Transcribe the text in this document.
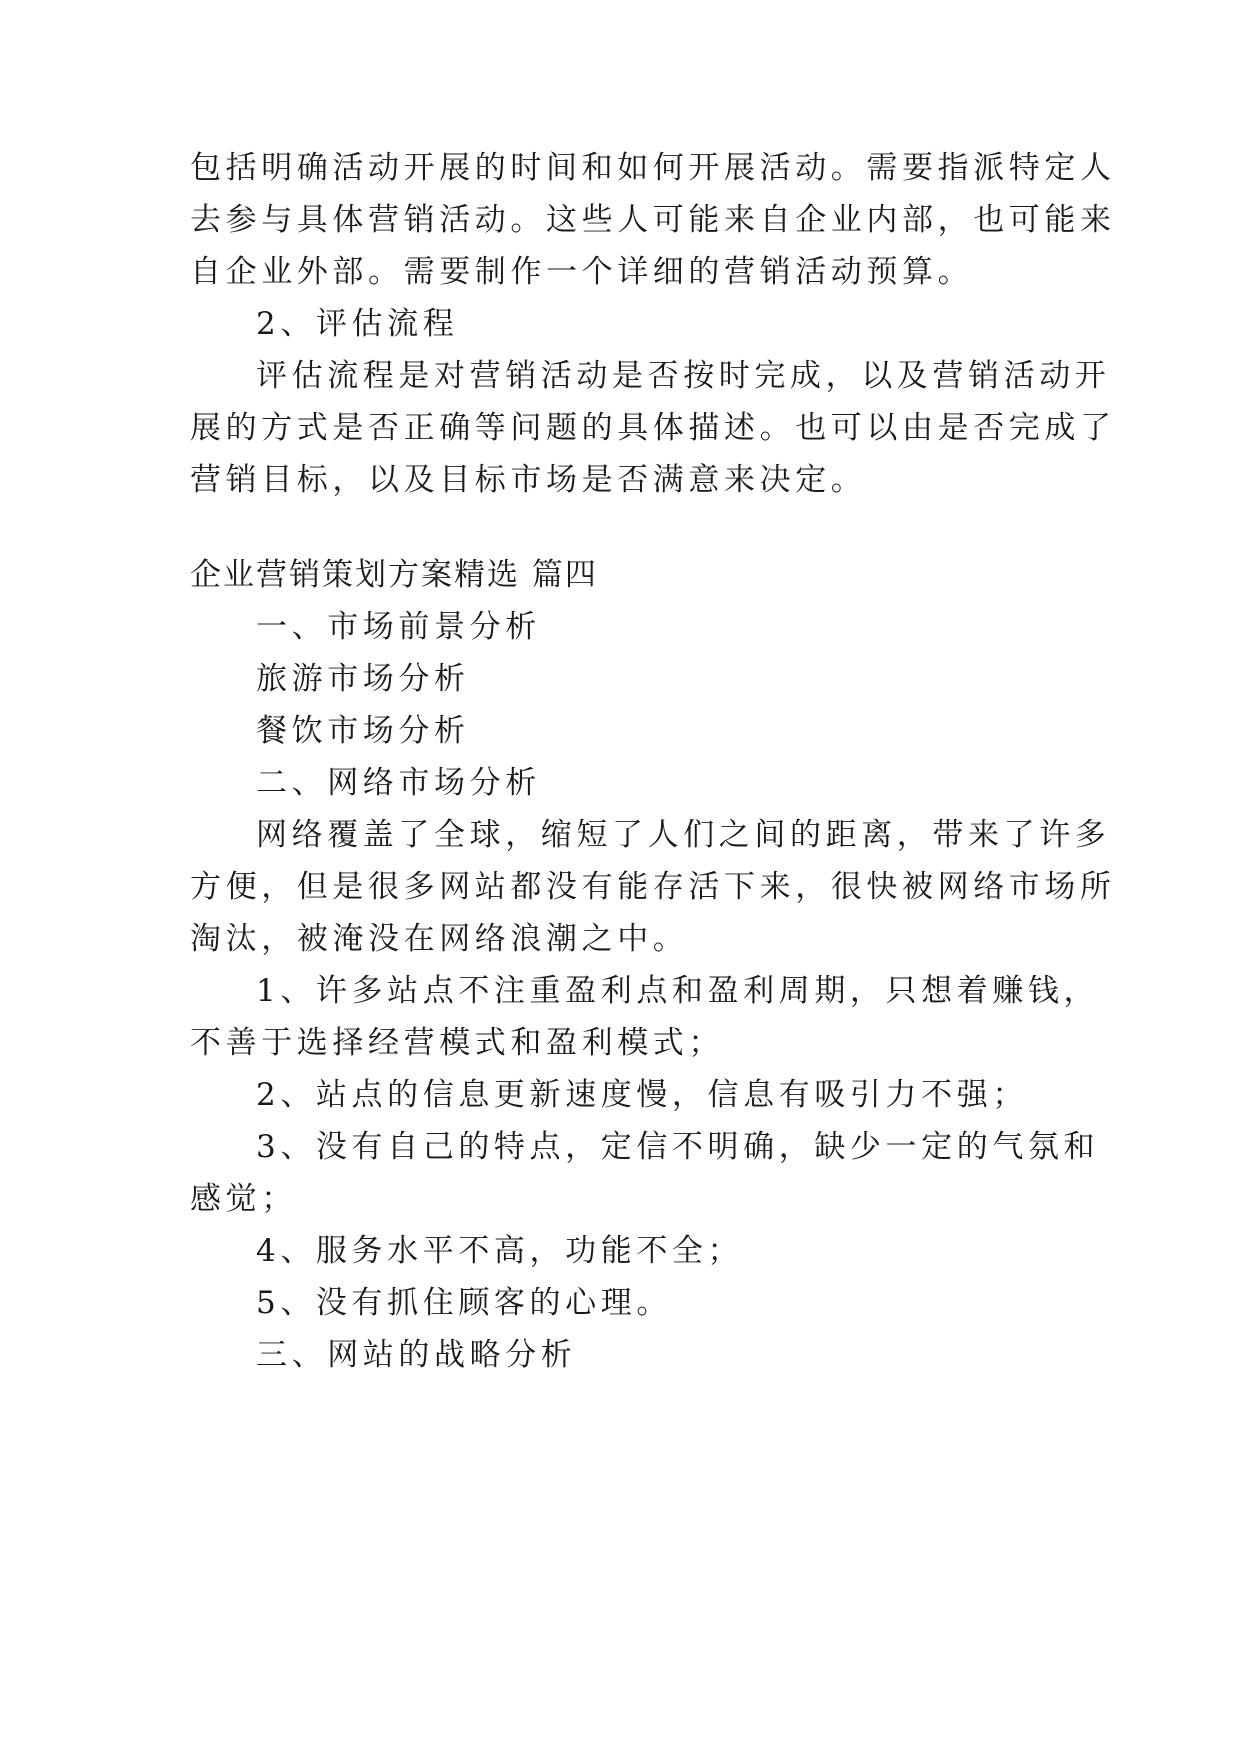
包括明确活动开展的时间和如何开展活动。需要指派特定人
去参与具体营销活动。这些人可能来自企业内部，也可能来
自企业外部。需要制作一个详细的营销活动预算。
2、评估流程
评估流程是对营销活动是否按时完成，以及营销活动开
展的方式是否正确等问题的具体描述。也可以由是否完成了
营销目标，以及目标市场是否满意来决定。
企业营销策划方案精选 篇四
一、市场前景分析
旅游市场分析
餐饮市场分析
二、网络市场分析
网络覆盖了全球，缩短了人们之间的距离，带来了许多
方便，但是很多网站都没有能存活下来，很快被网络市场所
淘汰，被淹没在网络浪潮之中。
1、许多站点不注重盈利点和盈利周期，只想着赚钱，
不善于选择经营模式和盈利模式；
2、站点的信息更新速度慢，信息有吸引力不强；
3、没有自己的特点，定信不明确，缺少一定的气氛和
感觉；
4、服务水平不高，功能不全；
5、没有抓住顾客的心理。
三、网站的战略分析
